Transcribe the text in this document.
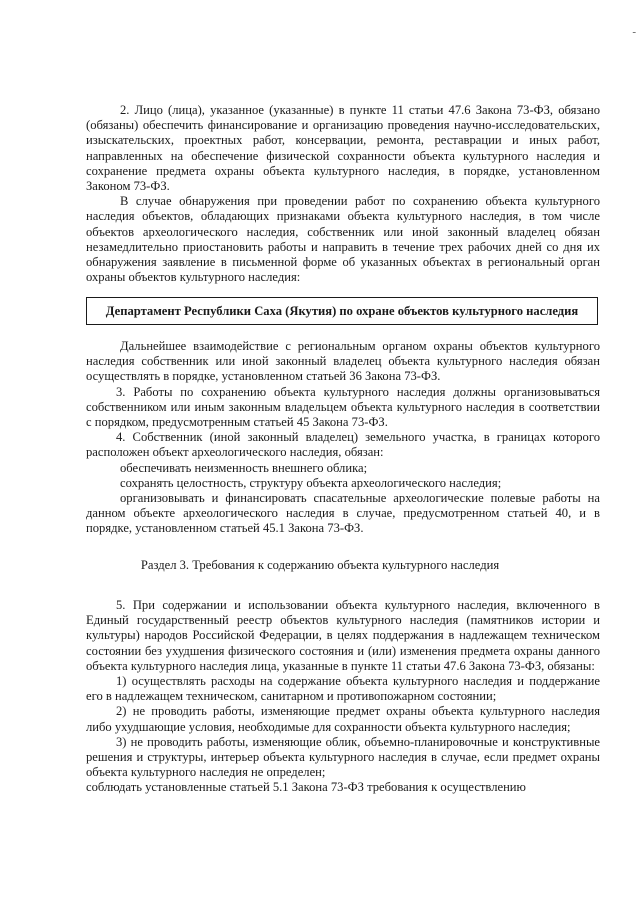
-

2. Лицо (лица), указанное (указанные) в пункте 11 статьи 47.6 Закона 73-ФЗ, обязано (обязаны) обеспечить финансирование и организацию проведения научно-исследовательских, изыскательских, проектных работ, консервации, ремонта, реставрации и иных работ, направленных на обеспечение физической сохранности объекта культурного наследия и сохранение предмета охраны объекта культурного наследия, в порядке, установленном Законом 73-ФЗ.

В случае обнаружения при проведении работ по сохранению объекта культурного наследия объектов, обладающих признаками объекта культурного наследия, в том числе объектов археологического наследия, собственник или иной законный владелец обязан незамедлительно приостановить работы и направить в течение трех рабочих дней со дня их обнаружения заявление в письменной форме об указанных объектах в региональный орган охраны объектов культурного наследия:

Департамент Республики Саха (Якутия) по охране объектов культурного наследия

Дальнейшее взаимодействие с региональным органом охраны объектов культурного наследия собственник или иной законный владелец объекта культурного наследия обязан осуществлять в порядке, установленном статьей 36 Закона 73-ФЗ.

3. Работы по сохранению объекта культурного наследия должны организовываться собственником или иным законным владельцем объекта культурного наследия в соответствии с порядком, предусмотренным статьей 45 Закона 73-ФЗ.

4. Собственник (иной законный владелец) земельного участка, в границах которого расположен объект археологического наследия, обязан:

обеспечивать неизменность внешнего облика;

сохранять целостность, структуру объекта археологического наследия;

организовывать и финансировать спасательные археологические полевые работы на данном объекте археологического наследия в случае, предусмотренном статьей 40, и в порядке, установленном статьей 45.1 Закона 73-ФЗ.

Раздел 3. Требования к содержанию объекта культурного наследия

5. При содержании и использовании объекта культурного наследия, включенного в Единый государственный реестр объектов культурного наследия (памятников истории и культуры) народов Российской Федерации, в целях поддержания в надлежащем техническом состоянии без ухудшения физического состояния и (или) изменения предмета охраны данного объекта культурного наследия лица, указанные в пункте 11 статьи 47.6 Закона 73-ФЗ, обязаны:

1) осуществлять расходы на содержание объекта культурного наследия и поддержание его в надлежащем техническом, санитарном и противопожарном состоянии;

2) не проводить работы, изменяющие предмет охраны объекта культурного наследия либо ухудшающие условия, необходимые для сохранности объекта культурного наследия;

3) не проводить работы, изменяющие облик, объемно-планировочные и конструктивные решения и структуры, интерьер объекта культурного наследия в случае, если предмет охраны объекта культурного наследия не определен;

соблюдать установленные статьей 5.1 Закона 73-ФЗ требования к осуществлению
